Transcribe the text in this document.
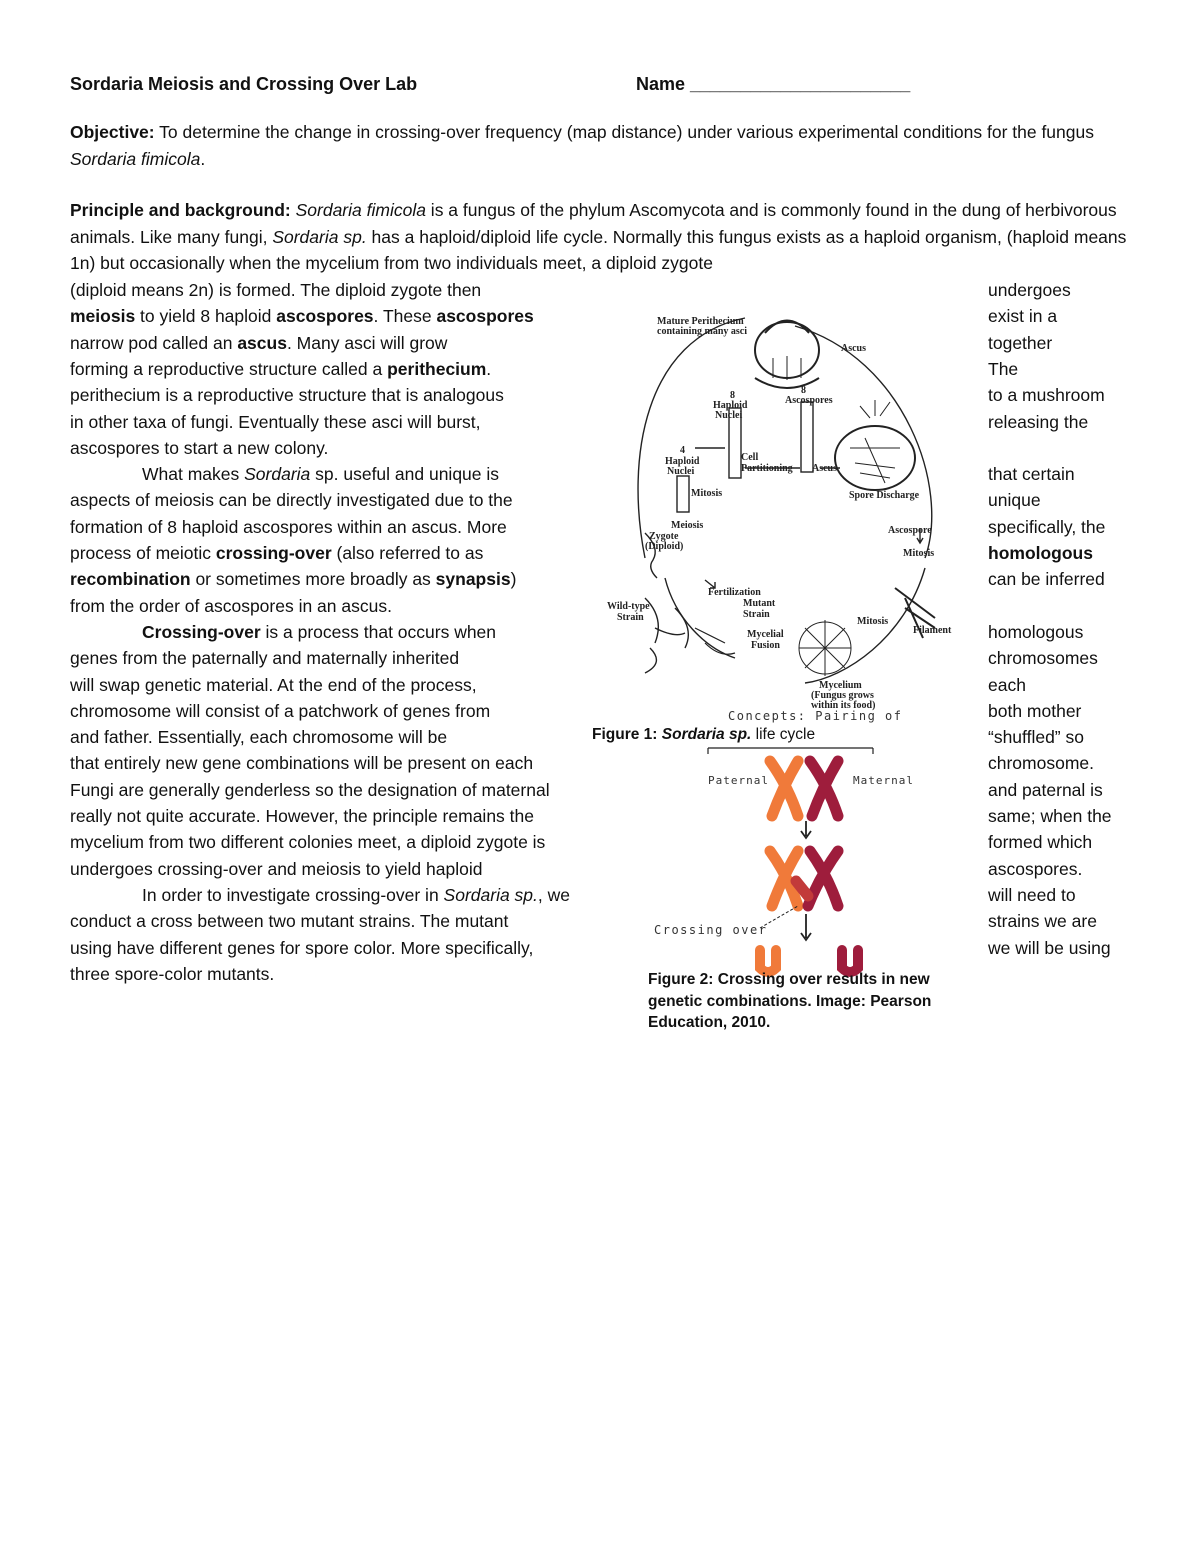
Sordaria Meiosis and Crossing Over Lab	Name ______________________
Objective: To determine the change in crossing-over frequency (map distance) under various experimental conditions for the fungus Sordaria fimicola.
Principle and background: Sordaria fimicola is a fungus of the phylum Ascomycota and is commonly found in the dung of herbivorous animals. Like many fungi, Sordaria sp. has a haploid/diploid life cycle. Normally this fungus exists as a haploid organism, (haploid means 1n) but occasionally when the mycelium from two individuals meet, a diploid zygote
(diploid means 2n) is formed. The diploid zygote then
meiosis to yield 8 haploid ascospores. These ascospores
narrow pod called an ascus. Many asci will grow
forming a reproductive structure called a perithecium.
perithecium is a reproductive structure that is analogous
in other taxa of fungi. Eventually these asci will burst,
ascospores to start a new colony.
What makes Sordaria sp. useful and unique is
aspects of meiosis can be directly investigated due to the
formation of 8 haploid ascospores within an ascus. More
process of meiotic crossing-over (also referred to as
recombination or sometimes more broadly as synapsis)
from the order of ascospores in an ascus.
Crossing-over is a process that occurs when
genes from the paternally and maternally inherited
will swap genetic material. At the end of the process,
chromosome will consist of a patchwork of genes from
and father. Essentially, each chromosome will be
that entirely new gene combinations will be present on each
Fungi are generally genderless so the designation of maternal
really not quite accurate. However, the principle remains the
mycelium from two different colonies meet, a diploid zygote is
undergoes crossing-over and meiosis to yield haploid
In order to investigate crossing-over in Sordaria sp., we
conduct a cross between two mutant strains. The mutant
using have different genes for spore color. More specifically,
three spore-color mutants.
undergoes
exist in a
together
The
to a mushroom
releasing the
that certain
unique
specifically, the
homologous
can be inferred
homologous
chromosomes
each
both mother
“shuffled” so
chromosome.
and paternal is
same; when the
formed which
ascospores.
will need to
strains we are
we will be using
Mature Perithecium
containing many asci
Ascus
8
Haploid
Nuclei
8
Ascospores
4
Haploid
Nuclei
Cell
Partitioning Ascus
Mitosis	Spore Discharge
Meiosis
Zygote
(Diploid)
Ascospore
Mitosis
Fertilization
Wild-type
Strain
Mutant
Strain
Mycelial
Fusion
Mitosis
Filament
Mycelium
(Fungus grows
within its food)
Figure 1: Sordaria sp. life cycle
Concepts: Pairing of
Paternal	Maternal
Crossing over
Figure 2: Crossing over results in new genetic combinations. Image: Pearson Education, 2010.
